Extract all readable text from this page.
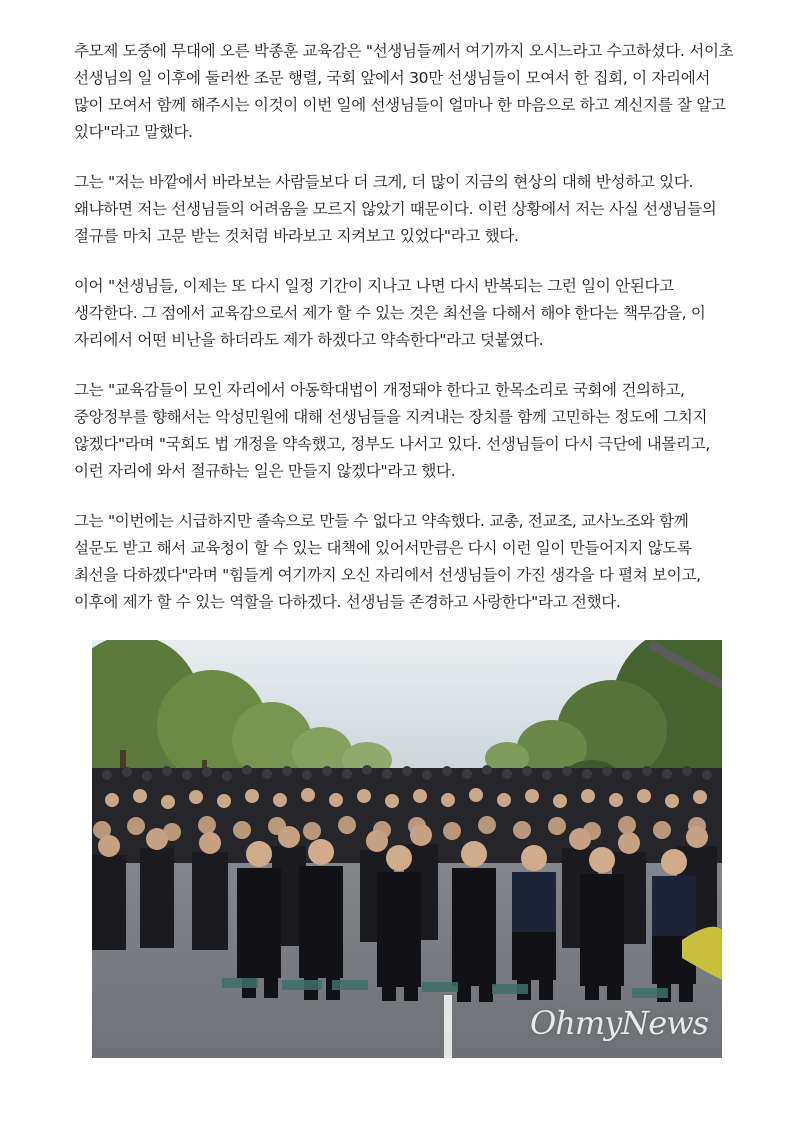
추모제 도중에 무대에 오른 박종훈 교육감은 "선생님들께서 여기까지 오시느라고 수고하셨다. 서이초 선생님의 일 이후에 둘러싼 조문 행렬, 국회 앞에서 30만 선생님들이 모여서 한 집회, 이 자리에서 많이 모여서 함께 해주시는 이것이 이번 일에 선생님들이 얼마나 한 마음으로 하고 계신지를 잘 알고 있다"라고 말했다.

그는 "저는 바깥에서 바라보는 사람들보다 더 크게, 더 많이 지금의 현상의 대해 반성하고 있다. 왜냐하면 저는 선생님들의 어려움을 모르지 않았기 때문이다. 이런 상황에서 저는 사실 선생님들의 절규를 마치 고문 받는 것처럼 바라보고 지켜보고 있었다"라고 했다.

이어 "선생님들, 이제는 또 다시 일정 기간이 지나고 나면 다시 반복되는 그런 일이 안된다고 생각한다. 그 점에서 교육감으로서 제가 할 수 있는 것은 최선을 다해서 해야 한다는 책무감을, 이 자리에서 어떤 비난을 하더라도 제가 하겠다고 약속한다"라고 덧붙였다.

그는 "교육감들이 모인 자리에서 아동학대법이 개정돼야 한다고 한목소리로 국회에 건의하고, 중앙정부를 향해서는 악성민원에 대해 선생님들을 지켜내는 장치를 함께 고민하는 정도에 그치지 않겠다"라며 "국회도 법 개정을 약속했고, 정부도 나서고 있다. 선생님들이 다시 극단에 내몰리고, 이런 자리에 와서 절규하는 일은 만들지 않겠다"라고 했다.

그는 "이번에는 시급하지만 졸속으로 만들 수 없다고 약속했다. 교총, 전교조, 교사노조와 함께 설문도 받고 해서 교육청이 할 수 있는 대책에 있어서만큼은 다시 이런 일이 만들어지지 않도록 최선을 다하겠다"라며 "힘들게 여기까지 오신 자리에서 선생님들이 가진 생각을 다 펼쳐 보이고, 이후에 제가 할 수 있는 역할을 다하겠다. 선생님들 존경하고 사랑한다"라고 전했다.

OhmyNews
